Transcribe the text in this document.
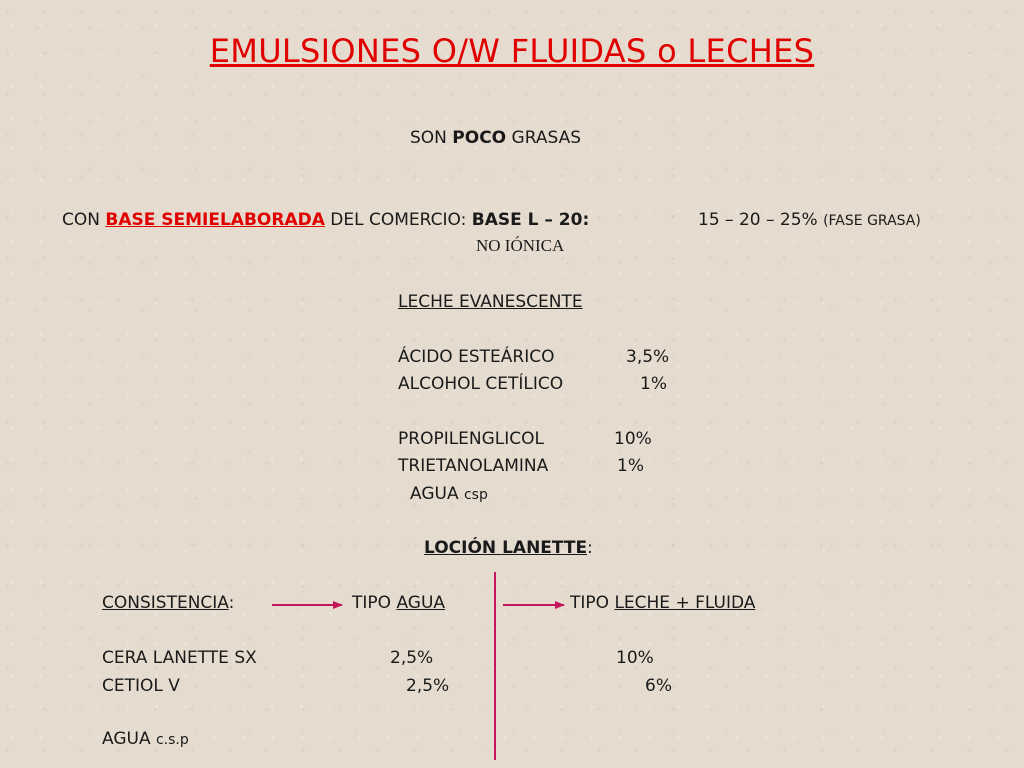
EMULSIONES O/W FLUIDAS o LECHES
SON POCO GRASAS
CON BASE SEMIELABORADA DEL COMERCIO: BASE L – 20:	15 – 20 – 25% (FASE GRASA)
NO IÓNICA
LECHE EVANESCENTE
ÁCIDO ESTEÁRICO	3,5%
ALCOHOL CETÍLICO	1%
PROPILENGLICOL	10%
TRIETANOLAMINA	1%
AGUA csp
LOCIÓN LANETTE:
CONSISTENCIA:	TIPO AGUA	TIPO LECHE + FLUIDA
CERA LANETTE SX	2,5%	10%
CETIOL V	2,5%	6%
AGUA c.s.p
